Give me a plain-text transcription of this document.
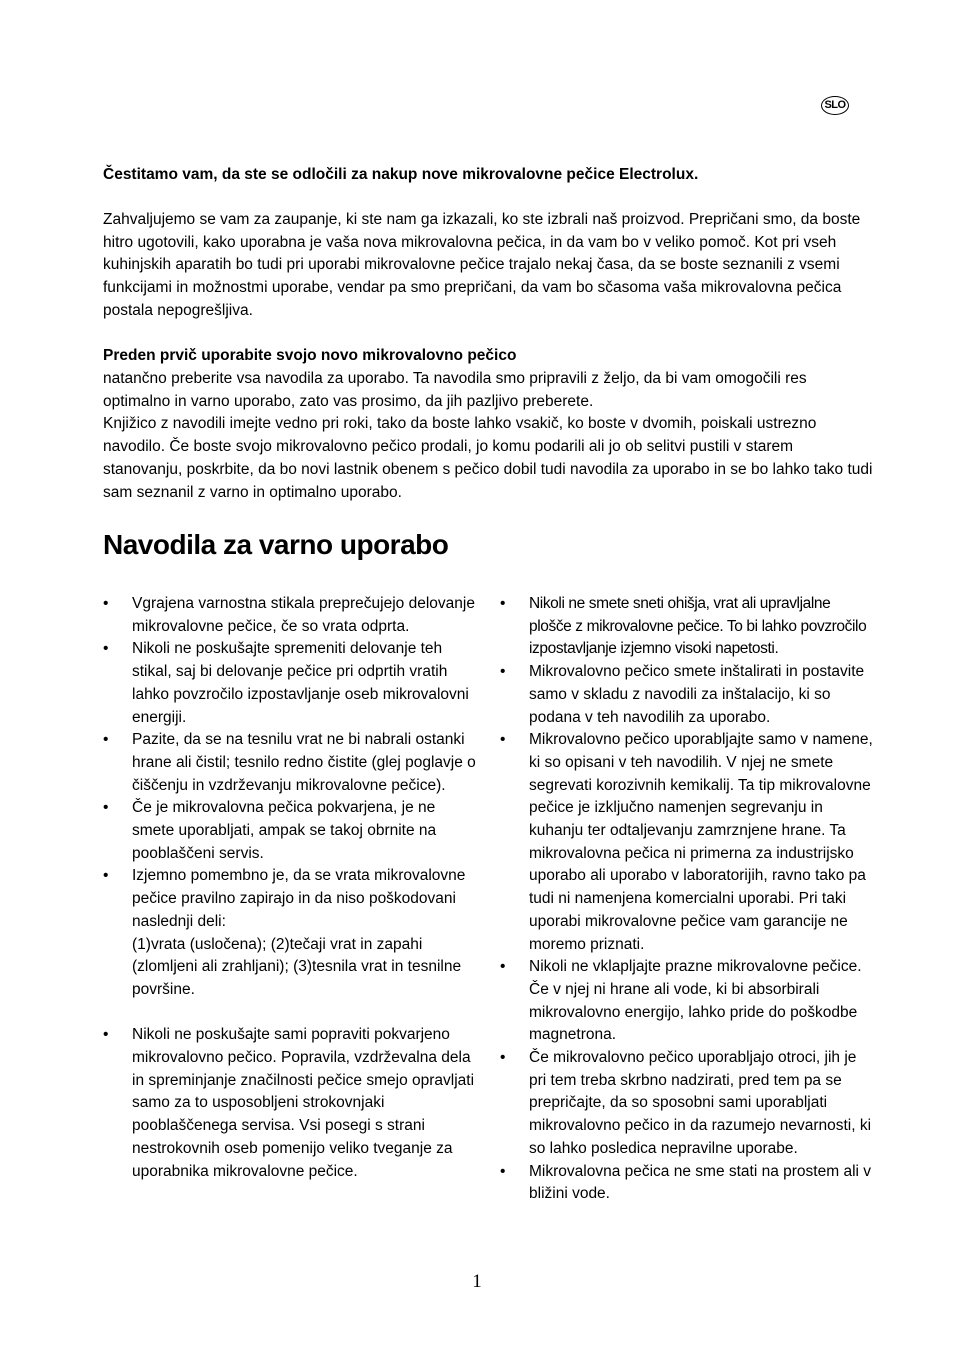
SLO
Čestitamo vam, da ste se odločili za nakup nove mikrovalovne pečice Electrolux.
Zahvaljujemo se vam za zaupanje, ki ste nam ga izkazali, ko ste izbrali naš proizvod. Prepričani smo, da boste hitro ugotovili, kako uporabna je vaša nova mikrovalovna pečica, in da vam bo v veliko pomoč. Kot pri vseh kuhinjskih aparatih bo tudi pri uporabi mikrovalovne pečice trajalo nekaj časa, da se boste seznanili z vsemi funkcijami in možnostmi uporabe, vendar pa smo prepričani, da vam bo sčasoma vaša mikrovalovna pečica postala nepogrešljiva.
Preden prvič uporabite svojo novo mikrovalovno pečico
natančno preberite vsa navodila za uporabo. Ta navodila smo pripravili z željo, da bi vam omogočili res optimalno in varno uporabo, zato vas prosimo, da jih pazljivo preberete.
Knjižico z navodili imejte vedno pri roki, tako da boste lahko vsakič, ko boste v dvomih, poiskali ustrezno navodilo. Če boste svojo mikrovalovno pečico prodali, jo komu podarili ali jo ob selitvi pustili v starem stanovanju, poskrbite, da bo novi lastnik obenem s pečico dobil tudi navodila za uporabo in se bo lahko tako tudi sam seznanil z varno in optimalno uporabo.
Navodila za varno uporabo
• Vgrajena varnostna stikala preprečujejo delovanje mikrovalovne pečice, če so vrata odprta.
• Nikoli ne poskušajte spremeniti delovanje teh stikal, saj bi delovanje pečice pri odprtih vratih lahko povzročilo izpostavljanje oseb mikrovalovni energiji.
• Pazite, da se na tesnilu vrat ne bi nabrali ostanki hrane ali čistil; tesnilo redno čistite (glej poglavje o čiščenju in vzdrževanju mikrovalovne pečice).
• Če je mikrovalovna pečica pokvarjena, je ne smete uporabljati, ampak se takoj obrnite na pooblaščeni servis.
• Izjemno pomembno je, da se vrata mikrovalovne pečice pravilno zapirajo in da niso poškodovani naslednji deli:
(1)vrata (usločena); (2)tečaji vrat in zapahi (zlomljeni ali zrahljani); (3)tesnila vrat in tesnilne površine.
• Nikoli ne poskušajte sami popraviti pokvarjeno mikrovalovno pečico. Popravila, vzdrževalna dela in spreminjanje značilnosti pečice smejo opravljati samo za to usposobljeni strokovnjaki pooblaščenega servisa. Vsi posegi s strani nestrokovnih oseb pomenijo veliko tveganje za uporabnika mikrovalovne pečice.
• Nikoli ne smete sneti ohišja, vrat ali upravljalne plošče z mikrovalovne pečice. To bi lahko povzročilo izpostavljanje izjemno visoki napetosti.
• Mikrovalovno pečico smete inštalirati in postavite samo v skladu z navodili za inštalacijo, ki so podana v teh navodilih za uporabo.
• Mikrovalovno pečico uporabljajte samo v namene, ki so opisani v teh navodilih. V njej ne smete segrevati korozivnih kemikalij. Ta tip mikrovalovne pečice je izključno namenjen segrevanju in kuhanju ter odtaljevanju zamrznjene hrane. Ta mikrovalovna pečica ni primerna za industrijsko uporabo ali uporabo v laboratorijih, ravno tako pa tudi ni namenjena komercialni uporabi. Pri taki uporabi mikrovalovne pečice vam garancije ne moremo priznati.
• Nikoli ne vklapljajte prazne mikrovalovne pečice. Če v njej ni hrane ali vode, ki bi absorbirali mikrovalovno energijo, lahko pride do poškodbe magnetrona.
• Če mikrovalovno pečico uporabljajo otroci, jih je pri tem treba skrbno nadzirati, pred tem pa se prepričajte, da so sposobni sami uporabljati mikrovalovno pečico in da razumejo nevarnosti, ki so lahko posledica nepravilne uporabe.
• Mikrovalovna pečica ne sme stati na prostem ali v bližini vode.
1
